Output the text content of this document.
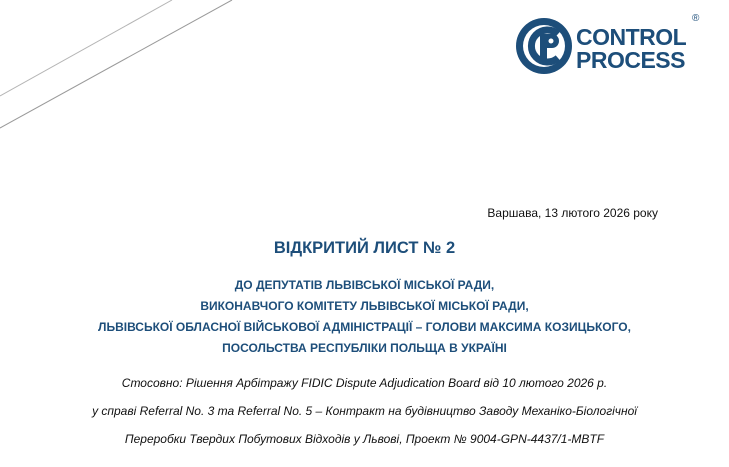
CONTROL
PROCESS
®
Варшава, 13 лютого 2026 року
ВІДКРИТИЙ ЛИСТ № 2
ДО ДЕПУТАТІВ ЛЬВІВСЬКОЇ МІСЬКОЇ РАДИ,
ВИКОНАВЧОГО КОМІТЕТУ ЛЬВІВСЬКОЇ МІСЬКОЇ РАДИ,
ЛЬВІВСЬКОЇ ОБЛАСНОЇ ВІЙСЬКОВОЇ АДМІНІСТРАЦІЇ – ГОЛОВИ МАКСИМА КОЗИЦЬКОГО,
ПОСОЛЬСТВА РЕСПУБЛІКИ ПОЛЬЩА В УКРАЇНІ
Стосовно: Рішення Арбітражу FIDIC Dispute Adjudication Board від 10 лютого 2026 р.
у справі Referral No. 3 та Referral No. 5 – Контракт на будівництво Заводу Механіко-Біологічної
Переробки Твердих Побутових Відходів у Львові, Проект № 9004-GPN-4437/1-MBTF
